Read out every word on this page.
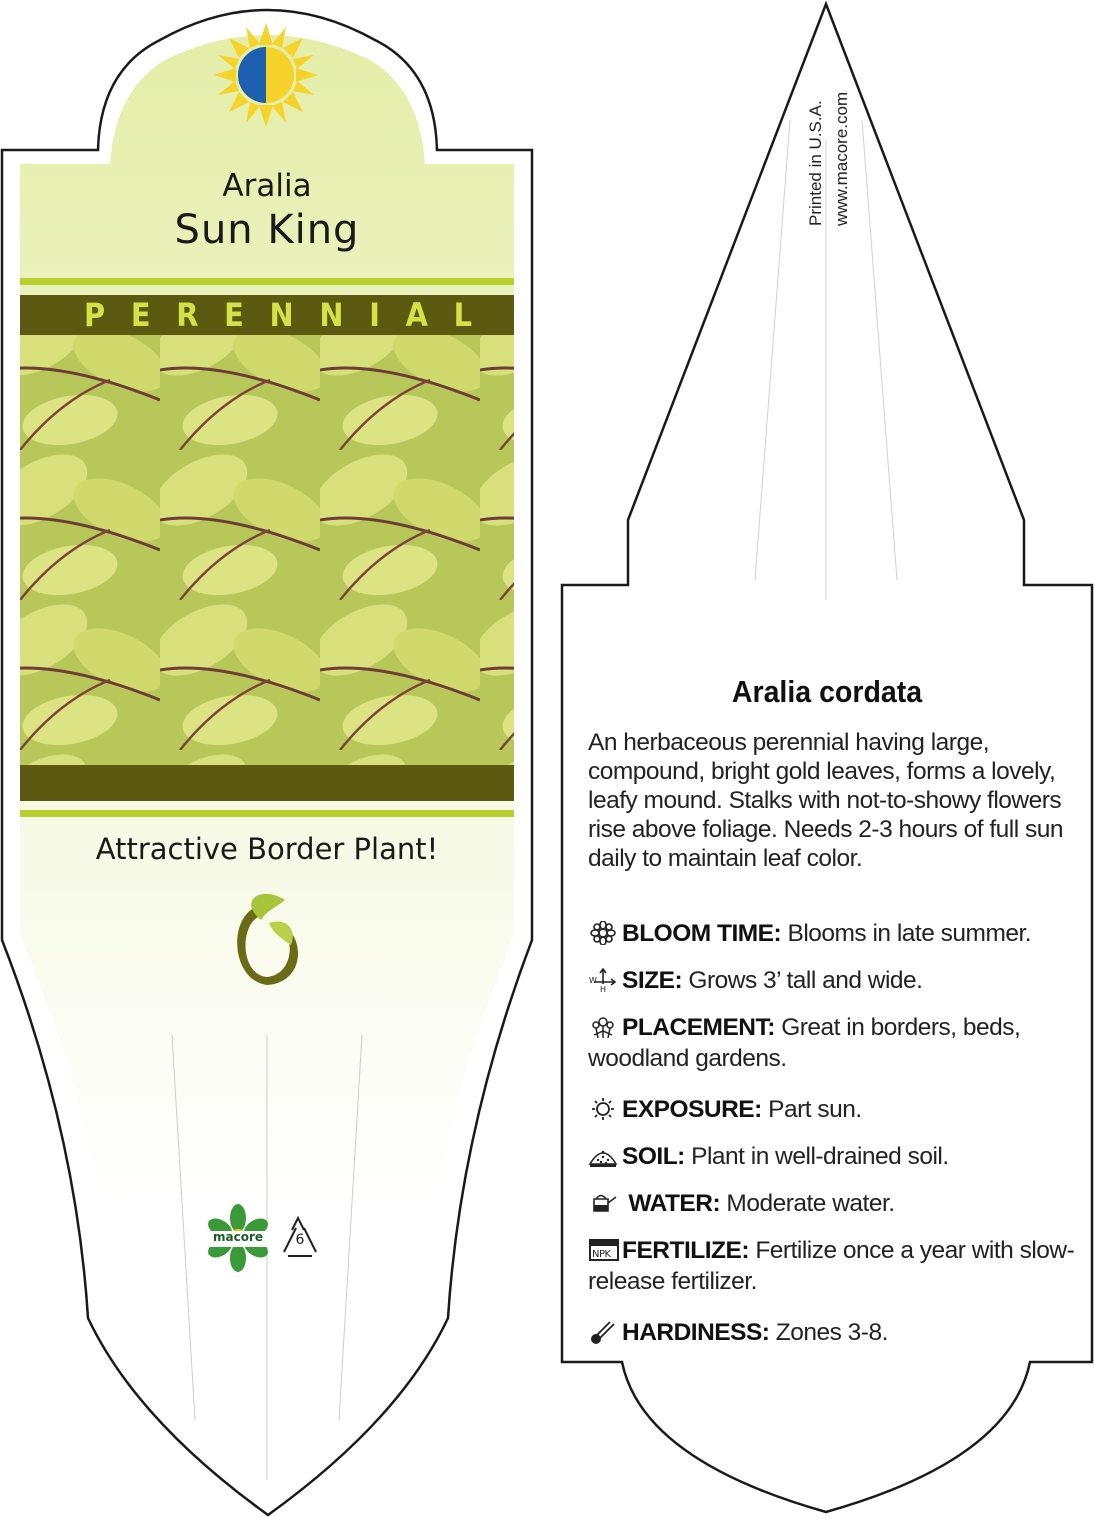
Aralia
Sun King
P E R E N N I A L
Attractive Border Plant!
macore	6
Printed in U.S.A. www.macore.com
Aralia cordata
An herbaceous perennial having large, compound, bright gold leaves, forms a lovely, leafy mound. Stalks with not-to-showy flowers rise above foliage. Needs 2-3 hours of full sun daily to maintain leaf color.
BLOOM TIME: Blooms in late summer.
W
H SIZE: Grows 3’ tall and wide.
PLACEMENT: Great in borders, beds, woodland gardens.
EXPOSURE: Part sun.
SOIL: Plant in well-drained soil.
WATER: Moderate water.
NPK FERTILIZE: Fertilize once a year with slow-release fertilizer.
HARDINESS: Zones 3-8.
